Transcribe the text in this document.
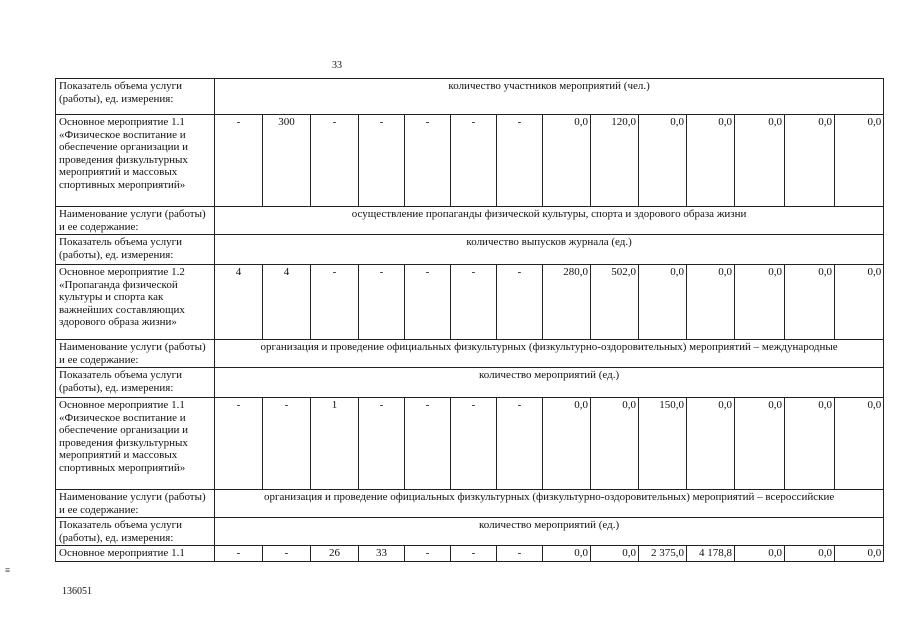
33
Показатель объема услуги (работы), ед. измерения:	количество участников мероприятий (чел.)													
Основное мероприятие 1.1 «Физическое воспитание и обеспечение организации и проведения физкультурных мероприятий и массовых спортивных мероприятий»	-	300	-	-	-	-	-	0,0	120,0	0,0	0,0	0,0	0,0	0,0
Наименование услуги (работы) и ее содержание:	осуществление пропаганды физической культуры, спорта и здорового образа жизни													
Показатель объема услуги (работы), ед. измерения:	количество выпусков журнала (ед.)													
Основное мероприятие 1.2 «Пропаганда физической культуры и спорта как важнейших составляющих здорового образа жизни»	4	4	-	-	-	-	-	280,0	502,0	0,0	0,0	0,0	0,0	0,0
Наименование услуги (работы) и ее содержание:	организация и проведение официальных физкультурных (физкультурно-оздоровительных) мероприятий – международные													
Показатель объема услуги (работы), ед. измерения:	количество мероприятий (ед.)													
Основное мероприятие 1.1 «Физическое воспитание и обеспечение организации и проведения физкультурных мероприятий и массовых спортивных мероприятий»	-	-	1	-	-	-	-	0,0	0,0	150,0	0,0	0,0	0,0	0,0
Наименование услуги (работы) и ее содержание:	организация и проведение официальных физкультурных (физкультурно-оздоровительных) мероприятий – всероссийские													
Показатель объема услуги (работы), ед. измерения:	количество мероприятий (ед.)													
Основное мероприятие 1.1	-	-	26	33	-	-	-	0,0	0,0	2 375,0	4 178,8	0,0	0,0	0,0
≡
136051
